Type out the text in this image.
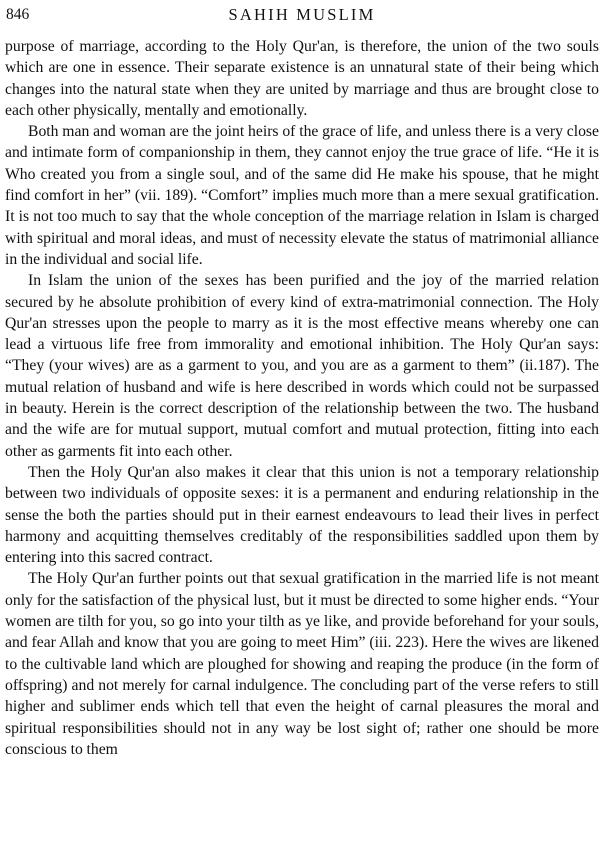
846	SAHIH MUSLIM

purpose of marriage, according to the Holy Qur'an, is therefore, the union of the two souls which are one in essence. Their separate existence is an unnatural state of their being which changes into the natural state when they are united by marriage and thus are brought close to each other physically, mentally and emotionally.

Both man and woman are the joint heirs of the grace of life, and unless there is a very close and intimate form of companionship in them, they cannot enjoy the true grace of life. “He it is Who created you from a single soul, and of the same did He make his spouse, that he might find comfort in her” (vii. 189). “Comfort” implies much more than a mere sexual gratification. It is not too much to say that the whole conception of the marriage relation in Islam is charged with spiritual and moral ideas, and must of necessity elevate the status of matrimonial alliance in the individual and social life.

In Islam the union of the sexes has been purified and the joy of the married relation secured by he absolute prohibition of every kind of extra-matrimonial connection. The Holy Qur'an stresses upon the people to marry as it is the most effective means whereby one can lead a virtuous life free from immorality and emotional inhibition. The Holy Qur'an says: “They (your wives) are as a garment to you, and you are as a garment to them” (ii.187). The mutual relation of husband and wife is here described in words which could not be surpassed in beauty. Herein is the correct description of the relationship between the two. The husband and the wife are for mutual support, mutual comfort and mutual protection, fitting into each other as garments fit into each other.

Then the Holy Qur'an also makes it clear that this union is not a temporary relationship between two individuals of opposite sexes: it is a permanent and enduring relationship in the sense the both the parties should put in their earnest endeavours to lead their lives in perfect harmony and acquitting themselves creditably of the responsibilities saddled upon them by entering into this sacred contract.

The Holy Qur'an further points out that sexual gratification in the married life is not meant only for the satisfaction of the physical lust, but it must be directed to some higher ends. “Your women are tilth for you, so go into your tilth as ye like, and provide beforehand for your souls, and fear Allah and know that you are going to meet Him” (iii. 223). Here the wives are likened to the cultivable land which are ploughed for showing and reaping the produce (in the form of offspring) and not merely for carnal indulgence. The concluding part of the verse refers to still higher and sublimer ends which tell that even the height of carnal pleasures the moral and spiritual responsibilities should not in any way be lost sight of; rather one should be more conscious to them
